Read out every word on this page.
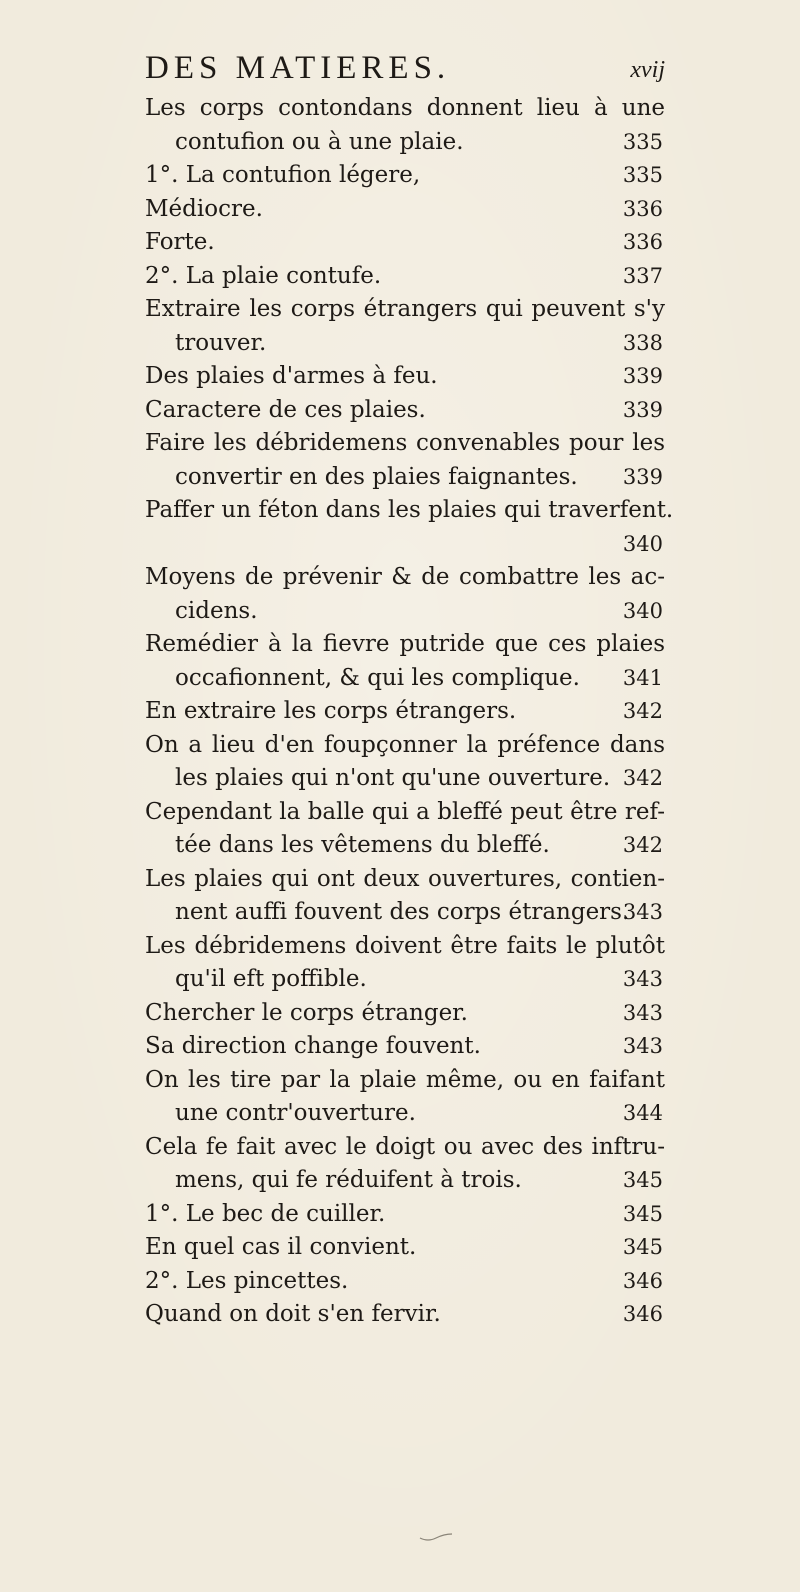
DES MATIERES.	xvij
Les corps contondans donnent lieu à une
contufion ou à une plaie.	335
1°. La contufion légere,	335
Médiocre.	336
Forte.	336
2°. La plaie contufe.	337
Extraire les corps étrangers qui peuvent s'y
trouver.	338
Des plaies d'armes à feu.	339
Caractere de ces plaies.	339
Faire les débridemens convenables pour les
convertir en des plaies faignantes. 339
Paffer un féton dans les plaies qui traverfent.
340
Moyens de prévenir & de combattre les ac-
cidens.	340
Remédier à la fievre putride que ces plaies
occafionnent, & qui les complique. 341
En extraire les corps étrangers.	342
On a lieu d'en foupçonner la préfence dans
les plaies qui n'ont qu'une ouverture. 342
Cependant la balle qui a bleffé peut être ref-
tée dans les vêtemens du bleffé.	342
Les plaies qui ont deux ouvertures, contien-
nent auffi fouvent des corps étrangers.
343
Les débridemens doivent être faits le plutôt
qu'il eft poffible.	343
Chercher le corps étranger.	343
Sa direction change fouvent.	343
On les tire par la plaie même, ou en faifant
une contr'ouverture.	344
Cela fe fait avec le doigt ou avec des inftru-
mens, qui fe réduifent à trois.	345
1°. Le bec de cuiller.	345
En quel cas il convient.	345
2°. Les pincettes.	346
Quand on doit s'en fervir.	346
